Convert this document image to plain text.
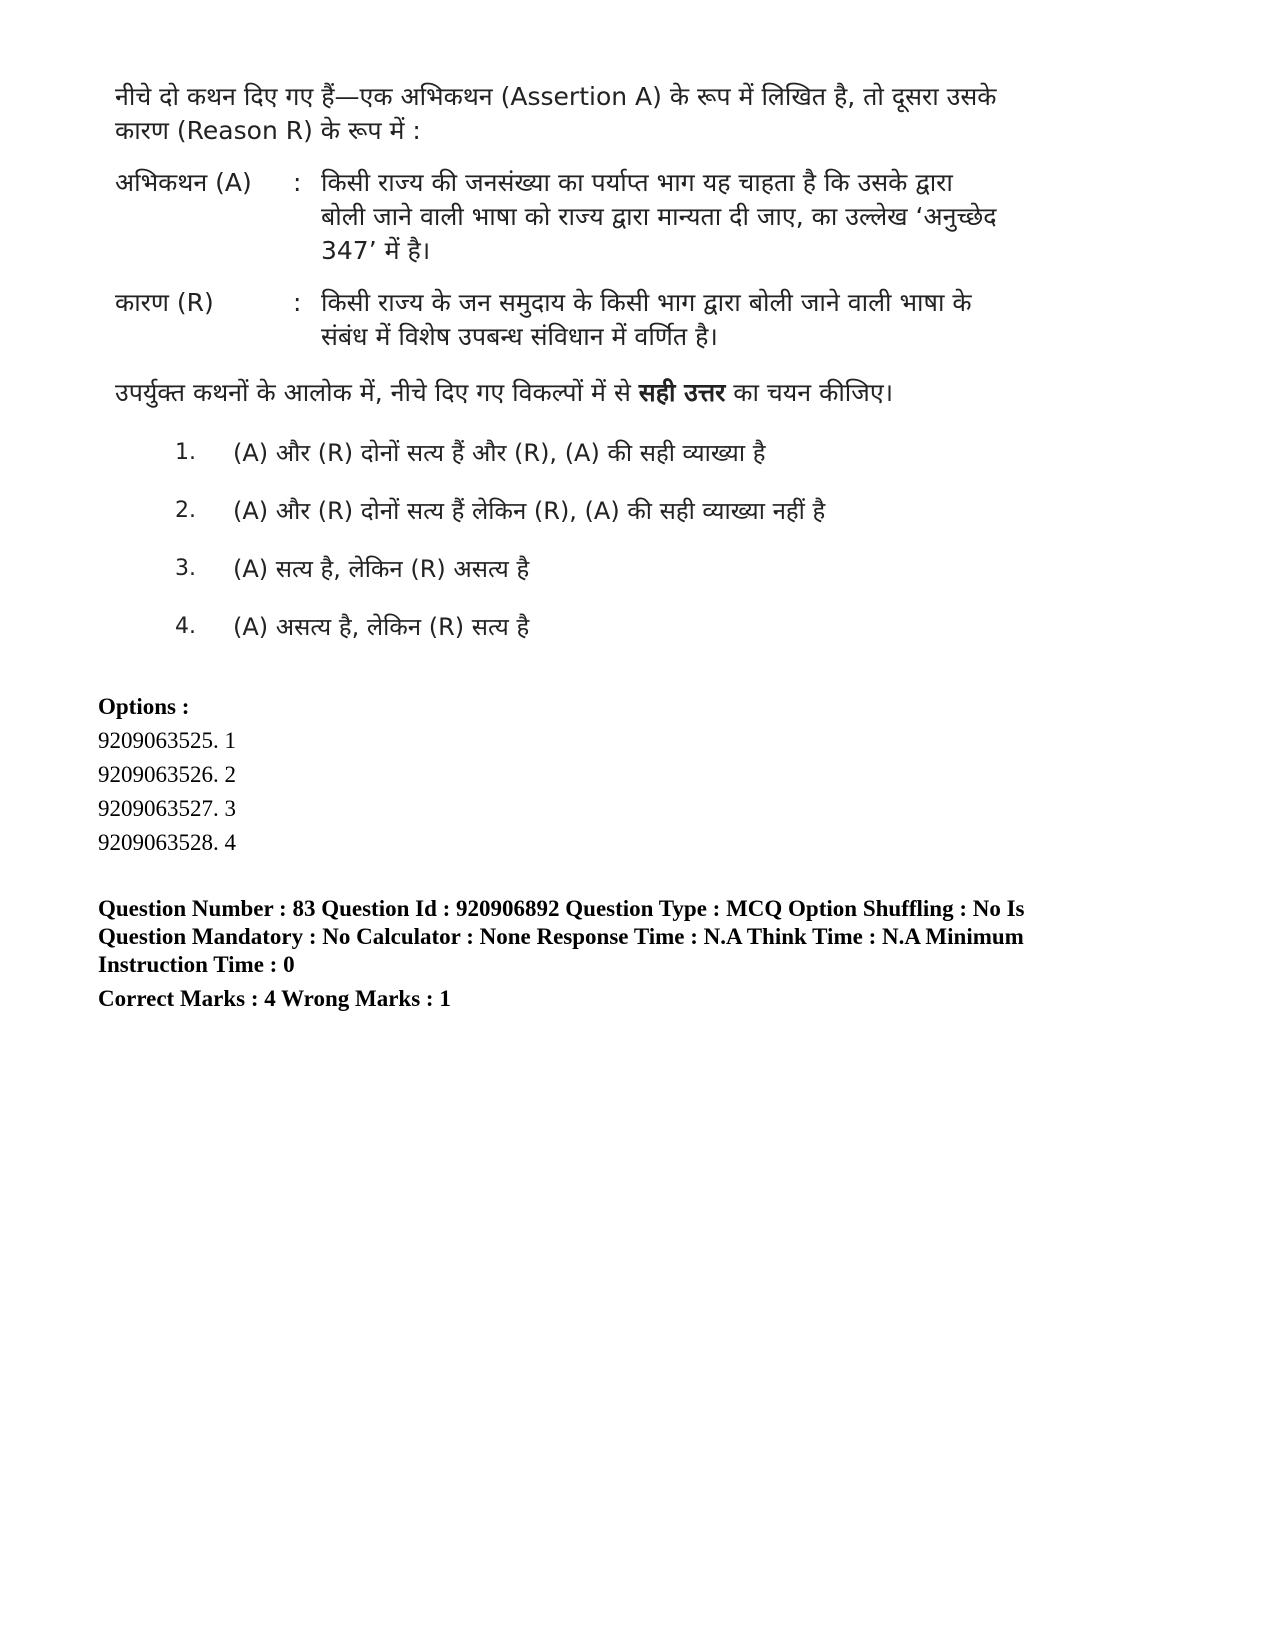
नीचे दो कथन दिए गए हैं—एक अभिकथन (Assertion A) के रूप में लिखित है, तो दूसरा उसके कारण (Reason R) के रूप में :

अभिकथन (A)	: किसी राज्य की जनसंख्या का पर्याप्त भाग यह चाहता है कि उसके द्वारा बोली जाने वाली भाषा को राज्य द्वारा मान्यता दी जाए, का उल्लेख ‘अनुच्छेद 347’ में है।
कारण (R)	: किसी राज्य के जन समुदाय के किसी भाग द्वारा बोली जाने वाली भाषा के संबंध में विशेष उपबन्ध संविधान में वर्णित है।
उपर्युक्त कथनों के आलोक में, नीचे दिए गए विकल्पों में से सही उत्तर का चयन कीजिए।
1.	(A) और (R) दोनों सत्य हैं और (R), (A) की सही व्याख्या है
2.	(A) और (R) दोनों सत्य हैं लेकिन (R), (A) की सही व्याख्या नहीं है
3.	(A) सत्य है, लेकिन (R) असत्य है
4.	(A) असत्य है, लेकिन (R) सत्य है
Options :
9209063525. 1
9209063526. 2
9209063527. 3
9209063528. 4
Question Number : 83 Question Id : 920906892 Question Type : MCQ Option Shuffling : No Is Question Mandatory : No Calculator : None Response Time : N.A Think Time : N.A Minimum Instruction Time : 0
Correct Marks : 4 Wrong Marks : 1
